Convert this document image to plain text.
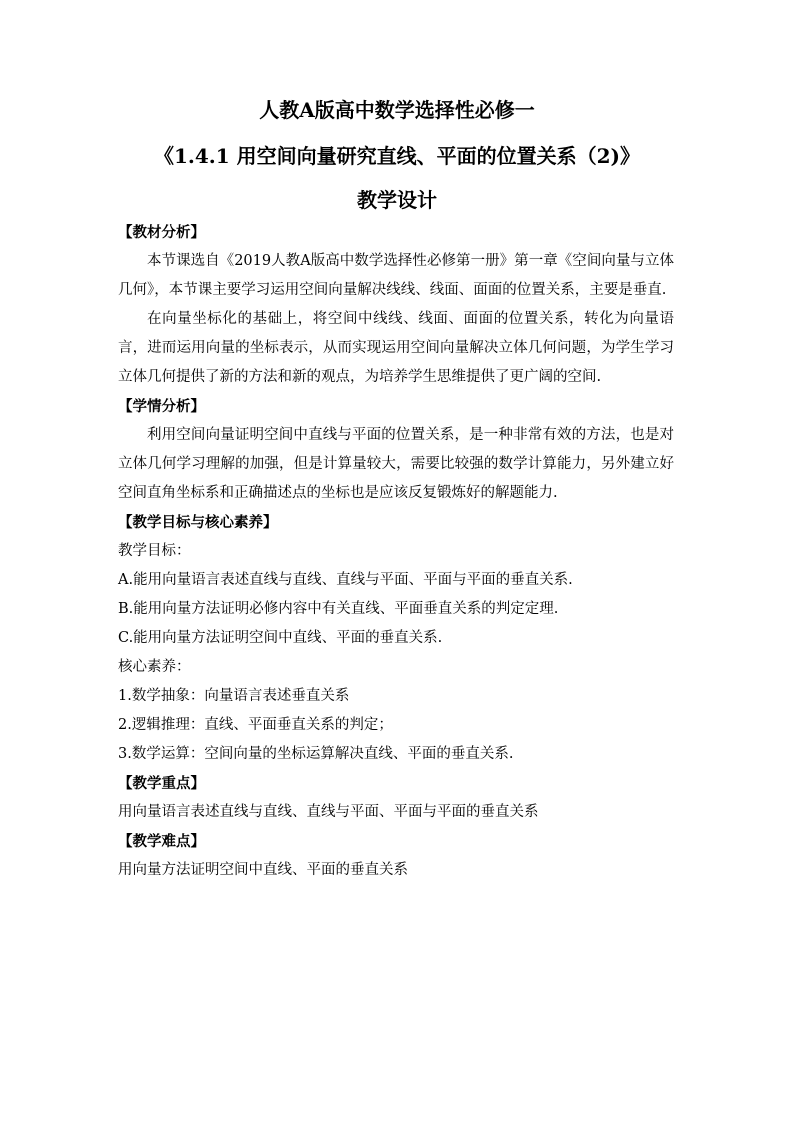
人教A版高中数学选择性必修一
《1.4.1 用空间向量研究直线、平面的位置关系（2)》
教学设计
【教材分析】
本节课选自《2019人教A版高中数学选择性必修第一册》第一章《空间向量与立体几何》，本节课主要学习运用空间向量解决线线、线面、面面的位置关系，主要是垂直.
在向量坐标化的基础上，将空间中线线、线面、面面的位置关系，转化为向量语言，进而运用向量的坐标表示，从而实现运用空间向量解决立体几何问题，为学生学习立体几何提供了新的方法和新的观点，为培养学生思维提供了更广阔的空间.
【学情分析】
利用空间向量证明空间中直线与平面的位置关系，是一种非常有效的方法，也是对立体几何学习理解的加强，但是计算量较大，需要比较强的数学计算能力，另外建立好空间直角坐标系和正确描述点的坐标也是应该反复锻炼好的解题能力.
【教学目标与核心素养】
教学目标：
A.能用向量语言表述直线与直线、直线与平面、平面与平面的垂直关系.
B.能用向量方法证明必修内容中有关直线、平面垂直关系的判定定理.
C.能用向量方法证明空间中直线、平面的垂直关系.
核心素养：
1.数学抽象：向量语言表述垂直关系
2.逻辑推理：直线、平面垂直关系的判定；
3.数学运算：空间向量的坐标运算解决直线、平面的垂直关系.
【教学重点】
用向量语言表述直线与直线、直线与平面、平面与平面的垂直关系
【教学难点】
用向量方法证明空间中直线、平面的垂直关系
